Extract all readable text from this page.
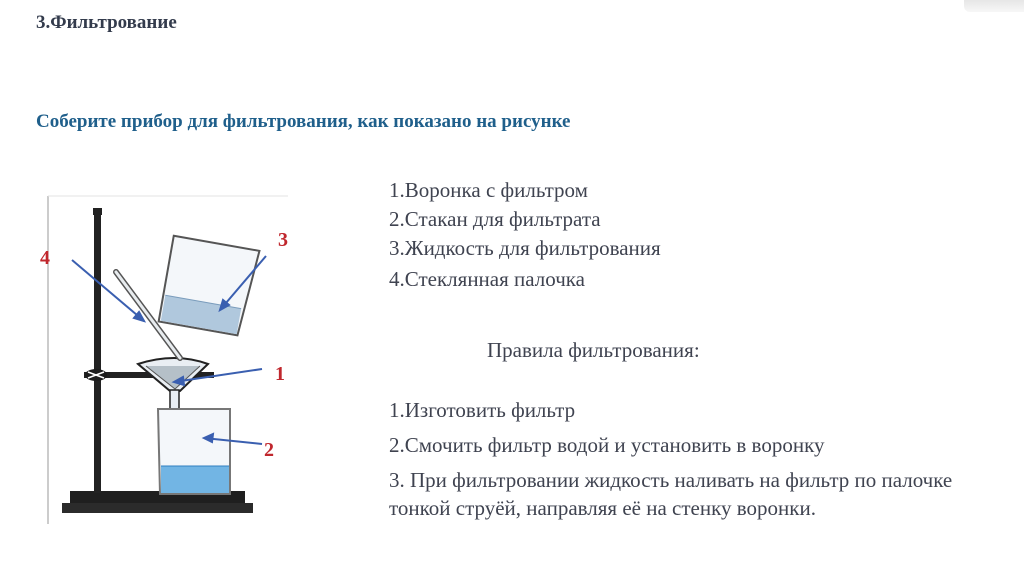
3.Фильтрование
Соберите прибор для фильтрования, как показано на рисунке
4
3
1
2
1.Воронка с фильтром
2.Стакан для фильтрата
3.Жидкость для фильтрования
4.Стеклянная палочка
Правила фильтрования:
1.Изготовить фильтр
2.Смочить фильтр водой и установить в воронку
3. При фильтровании жидкость наливать на фильтр по палочке тонкой струёй, направляя её на стенку воронки.
